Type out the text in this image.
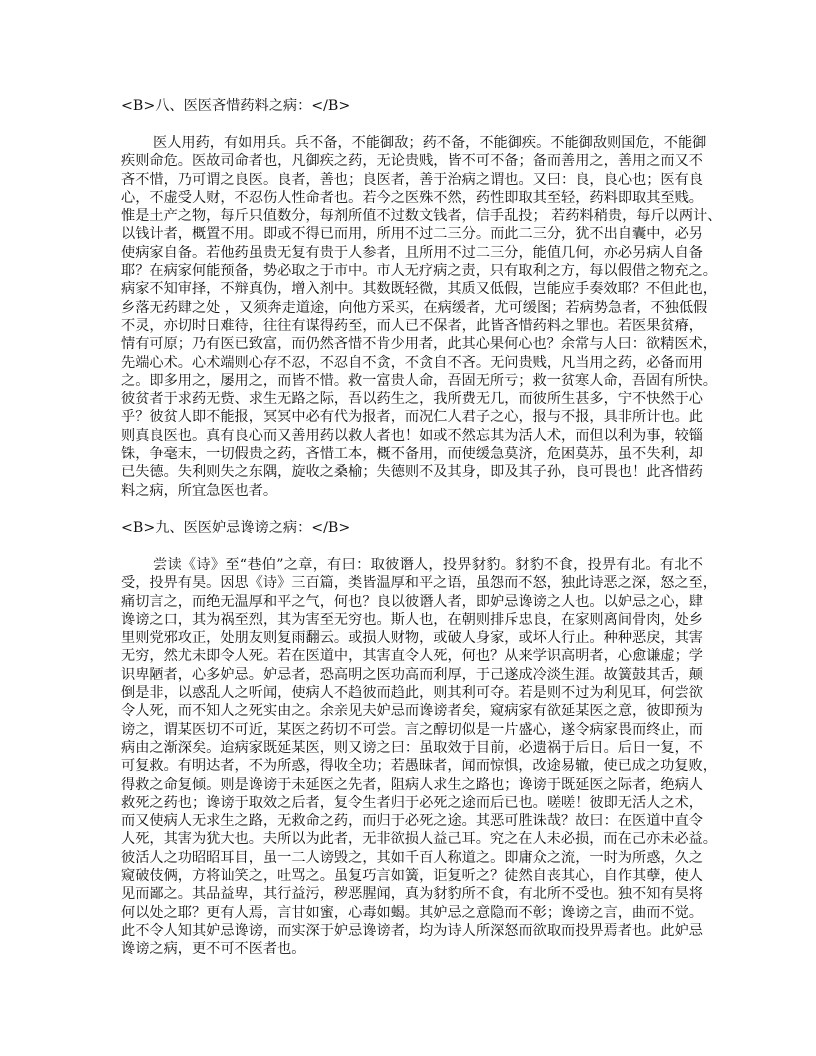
<B>八、医医吝惜药料之病：</B>
医人用药，有如用兵。兵不备，不能御敌；药不备，不能御疾。不能御敌则国危，不能御
疾则命危。医故司命者也，凡御疾之药，无论贵贱，皆不可不备；备而善用之，善用之而又不
吝不惜，乃可谓之良医。良者，善也；良医者，善于治病之谓也。又曰：良，良心也；医有良
心，不虚受人财，不忍伤人性命者也。若今之医殊不然，药性即取其至轻，药料即取其至贱。
惟是土产之物，每斤只值数分，每剂所值不过数文钱者，信手乱投； 若药料稍贵，每斤以两计、
以钱计者，概置不用。即或不得已而用，所用不过二三分。而此二三分，犹不出自囊中，必另
使病家自备。若他药虽贵无复有贵于人参者，且所用不过二三分，能值几何，亦必另病人自备
耶？在病家何能预备，势必取之于市中。市人无疗病之责，只有取利之方，每以假借之物充之。
病家不知审择，不辩真伪，增入剂中。其数既轻微，其质又低假，岂能应手奏效耶？不但此也，
乡落无药肆之处 ，又须奔走道途，向他方采买，在病缓者，尤可缓图；若病势急者，不独低假
不灵，亦切时日难待，往往有谋得药至，而人已不保者，此皆吝惜药料之罪也。若医果贫瘠，
情有可原；乃有医已致富，而仍然吝惜不肯少用者，此其心果何心也？余常与人曰：欲精医术，
先端心术。心术端则心存不忍，不忍自不贪，不贪自不吝。无问贵贱，凡当用之药，必备而用
之。即多用之，屡用之，而皆不惜。救一富贵人命，吾固无所亏；救一贫寒人命，吾固有所快。
彼贫者于求药无赀、求生无路之际，吾以药生之，我所费无几，而彼所生甚多，宁不快然于心
乎？彼贫人即不能报，冥冥中必有代为报者，而况仁人君子之心，报与不报，具非所计也。此
则真良医也。真有良心而又善用药以救人者也！如或不然忘其为活人术，而但以利为事，较锱
铢，争毫末，一切假贵之药，吝惜工本，概不备用，而使缓急莫济，危困莫苏，虽不失利，却
已失德。失利则失之东隅，旋收之桑榆；失德则不及其身，即及其子孙，良可畏也！此吝惜药
料之病，所宜急医也者。
<B>九、医医妒忌谗谤之病：</B>
尝读《诗》至“巷伯”之章，有曰：取彼谮人，投畀豺豹。豺豹不食，投畀有北。有北不
受，投畀有昊。因思《诗》三百篇，类皆温厚和平之语，虽怨而不怒，独此诗恶之深，怒之至，
痛切言之，而绝无温厚和平之气，何也？良以彼谮人者，即妒忌谗谤之人也。以妒忌之心，肆
谗谤之口，其为祸至烈，其为害至无穷也。斯人也，在朝则排斥忠良，在家则离间骨肉，处乡
里则党邪攻正，处朋友则复雨翻云。或损人财物，或破人身家，或坏人行止。种种恶戾，其害
无穷，然尤未即令人死。若在医道中，其害直令人死，何也？从来学识高明者，心愈谦虚；学
识卑陋者，心多妒忌。妒忌者，恐高明之医功高而利厚，于己遂成冷淡生涯。故簧鼓其舌，颠
倒是非，以惑乱人之听闻，使病人不趋彼而趋此，则其利可夺。若是则不过为利见耳，何尝欲
令人死，而不知人之死实由之。余亲见夫妒忌而谗谤者矣，窥病家有欲延某医之意，彼即预为
谤之，谓某医切不可近，某医之药切不可尝。言之醇切似是一片盛心，遂令病家畏而终止，而
病由之渐深矣。迨病家既延某医，则又谤之曰：虽取效于目前，必遗祸于后日。后日一复，不
可复救。有明达者，不为所惑，得收全功；若愚昧者，闻而惊惧，改途易辙，使已成之功复败，
得救之命复倾。则是谗谤于未延医之先者，阻病人求生之路也；谗谤于既延医之际者，绝病人
救死之药也；谗谤于取效之后者，复令生者归于必死之途而后已也。嗟嗟！彼即无活人之术，
而又使病人无求生之路，无救命之药，而归于必死之途。其恶可胜诛哉？故曰：在医道中直令
人死，其害为犹大也。夫所以为此者，无非欲损人益己耳。究之在人未必损，而在己亦未必益。
彼活人之功昭昭耳目，虽一二人谤毁之，其如千百人称道之。即庸众之流，一时为所惑，久之
窥破伎俩，方将讪笑之，吐骂之。虽复巧言如簧，讵复听之？徒然自丧其心，自作其孽，使人
见而鄙之。其品益卑，其行益污，秽恶腥闻，真为豺豹所不食，有北所不受也。独不知有昊将
何以处之耶？更有人焉，言甘如蜜，心毒如蝎。其妒忌之意隐而不彰；谗谤之言，曲而不觉。
此不令人知其妒忌谗谤，而实深于妒忌谗谤者，均为诗人所深怒而欲取而投畀焉者也。此妒忌
谗谤之病，更不可不医者也。
